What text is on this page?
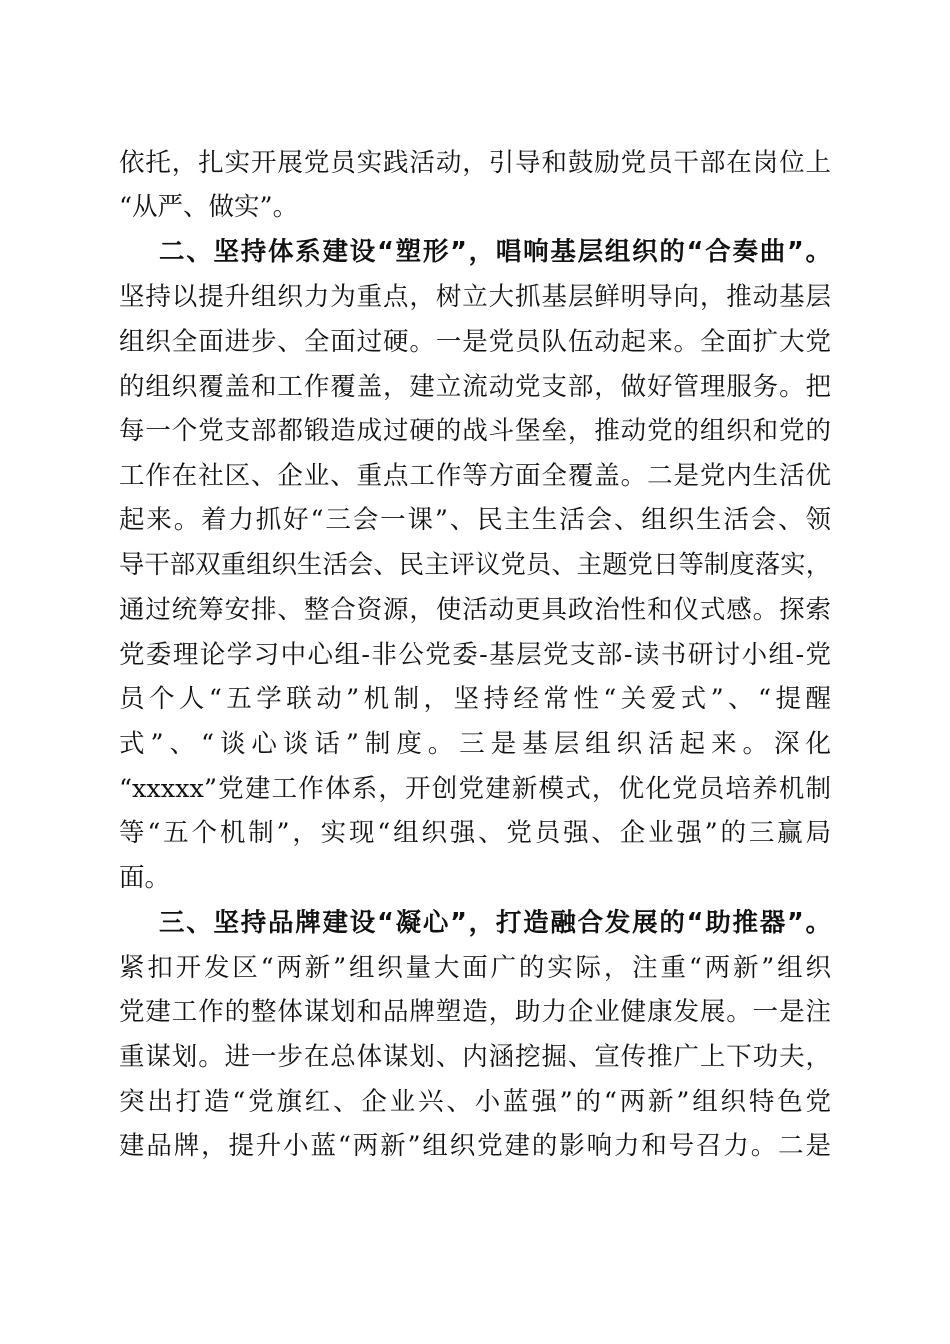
依托，扎实开展党员实践活动，引导和鼓励党员干部在岗位上
“从严、做实”。
二、坚持体系建设“塑形”，唱响基层组织的“合奏曲”。
坚持以提升组织力为重点，树立大抓基层鲜明导向，推动基层
组织全面进步、全面过硬。一是党员队伍动起来。全面扩大党
的组织覆盖和工作覆盖，建立流动党支部，做好管理服务。把
每一个党支部都锻造成过硬的战斗堡垒，推动党的组织和党的
工作在社区、企业、重点工作等方面全覆盖。二是党内生活优
起来。着力抓好“三会一课”、民主生活会、组织生活会、领
导干部双重组织生活会、民主评议党员、主题党日等制度落实，
通过统筹安排、整合资源，使活动更具政治性和仪式感。探索
党委理论学习中心组-非公党委-基层党支部-读书研讨小组-党
员个人“五学联动”机制，坚持经常性“关爱式”、“提醒
式”、“谈心谈话”制度。三是基层组织活起来。深化
“xxxxx”党建工作体系，开创党建新模式，优化党员培养机制
等“五个机制”，实现“组织强、党员强、企业强”的三赢局
面。
三、坚持品牌建设“凝心”，打造融合发展的“助推器”。
紧扣开发区“两新”组织量大面广的实际，注重“两新”组织
党建工作的整体谋划和品牌塑造，助力企业健康发展。一是注
重谋划。进一步在总体谋划、内涵挖掘、宣传推广上下功夫，
突出打造“党旗红、企业兴、小蓝强”的“两新”组织特色党
建品牌，提升小蓝“两新”组织党建的影响力和号召力。二是
